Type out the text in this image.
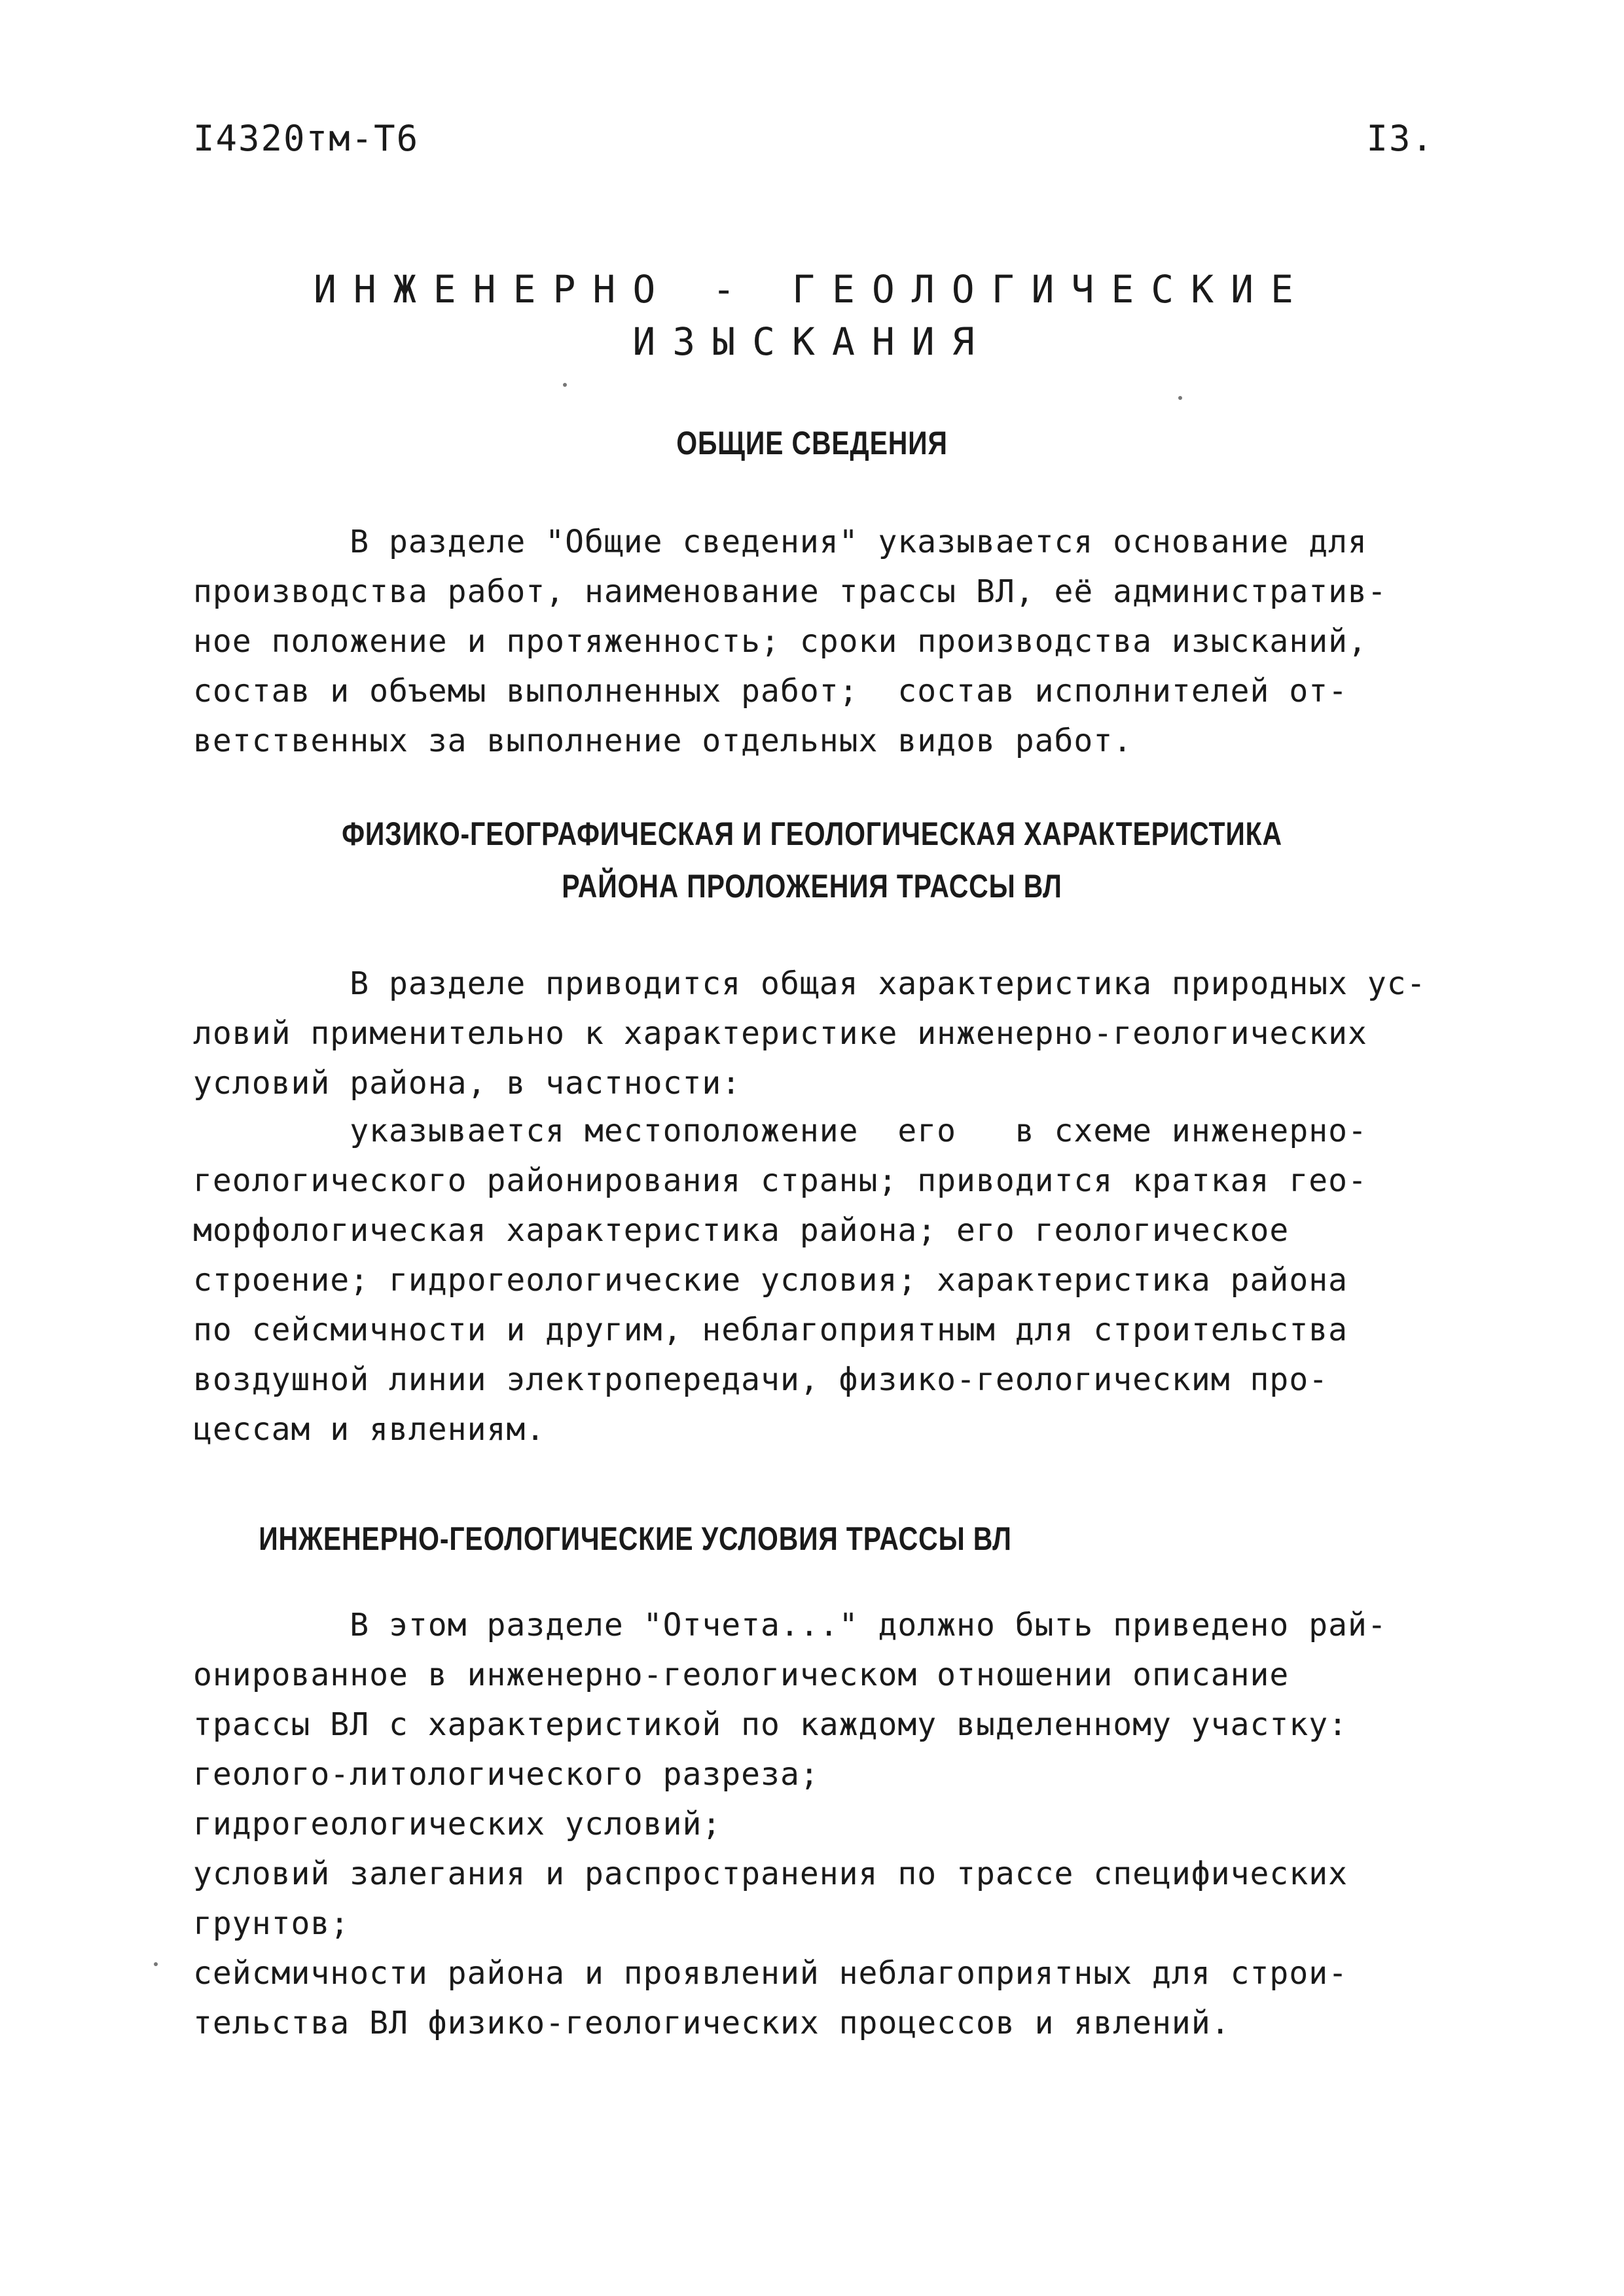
I4320тм-Т6	I3.
ИНЖЕНЕРНО - ГЕОЛОГИЧЕСКИЕ
ИЗЫСКАНИЯ
ОБЩИЕ СВЕДЕНИЯ
В разделе "Общие сведения" указывается основание для
производства работ, наименование трассы ВЛ, её административ-
ное положение и протяженность; сроки производства изысканий,
состав и объемы выполненных работ;  состав исполнителей от-
ветственных за выполнение отдельных видов работ.
ФИЗИКО-ГЕОГРАФИЧЕСКАЯ И ГЕОЛОГИЧЕСКАЯ ХАРАКТЕРИСТИКА
РАЙОНА ПРОЛОЖЕНИЯ ТРАССЫ ВЛ
В разделе приводится общая характеристика природных ус-
ловий применительно к характеристике инженерно-геологических
условий района, в частности:
указывается местоположение  его   в схеме инженерно-
геологического районирования страны; приводится краткая гео-
морфологическая характеристика района; его геологическое
строение; гидрогеологические условия; характеристика района
по сейсмичности и другим, неблагоприятным для строительства
воздушной линии электропередачи, физико-геологическим про-
цессам и явлениям.
ИНЖЕНЕРНО-ГЕОЛОГИЧЕСКИЕ УСЛОВИЯ ТРАССЫ ВЛ
В этом разделе "Отчета..." должно быть приведено рай-
онированное в инженерно-геологическом отношении описание
трассы ВЛ с характеристикой по каждому выделенному участку:
геолого-литологического разреза;
гидрогеологических условий;
условий залегания и распространения по трассе специфических
грунтов;
сейсмичности района и проявлений неблагоприятных для строи-
тельства ВЛ физико-геологических процессов и явлений.
